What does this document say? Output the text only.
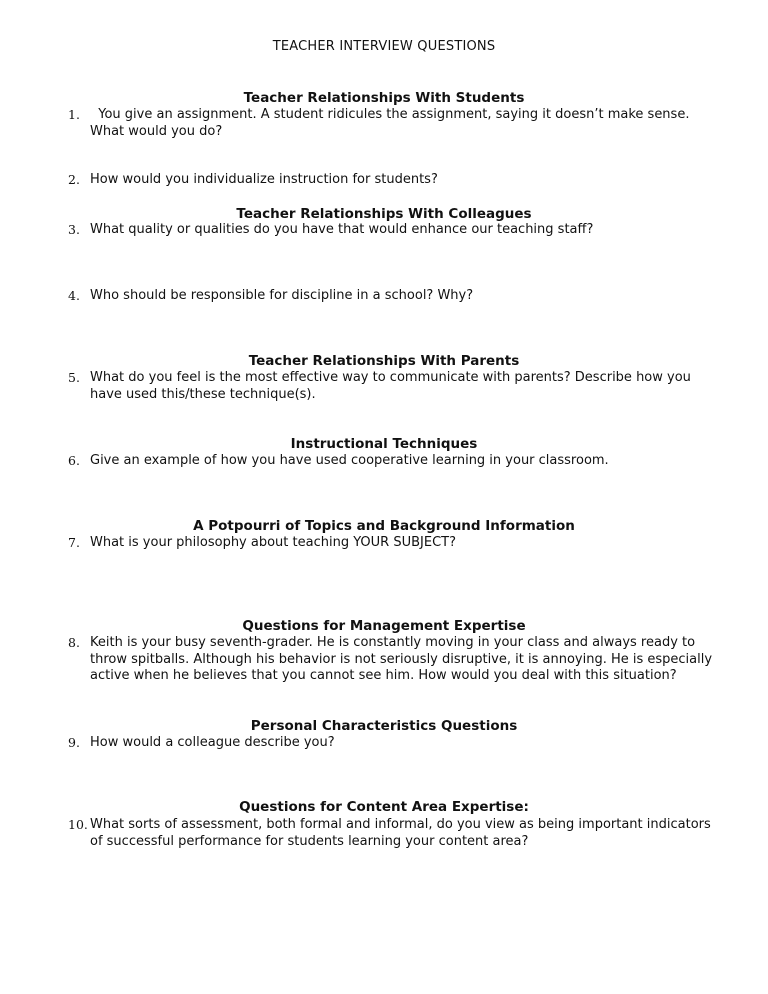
TEACHER INTERVIEW QUESTIONS
Teacher Relationships With Students
1. You give an assignment. A student ridicules the assignment, saying it doesn’t make sense. What would you do?
2. How would you individualize instruction for students?
Teacher Relationships With Colleagues
3. What quality or qualities do you have that would enhance our teaching staff?
4. Who should be responsible for discipline in a school? Why?
Teacher Relationships With Parents
5. What do you feel is the most effective way to communicate with parents? Describe how you have used this/these technique(s).
Instructional Techniques
6. Give an example of how you have used cooperative learning in your classroom.
A Potpourri of Topics and Background Information
7. What is your philosophy about teaching YOUR SUBJECT?
Questions for Management Expertise
8. Keith is your busy seventh-grader. He is constantly moving in your class and always ready to throw spitballs. Although his behavior is not seriously disruptive, it is annoying. He is especially active when he believes that you cannot see him. How would you deal with this situation?
Personal Characteristics Questions
9. How would a colleague describe you?
Questions for Content Area Expertise:
10. What sorts of assessment, both formal and informal, do you view as being important indicators of successful performance for students learning your content area?
